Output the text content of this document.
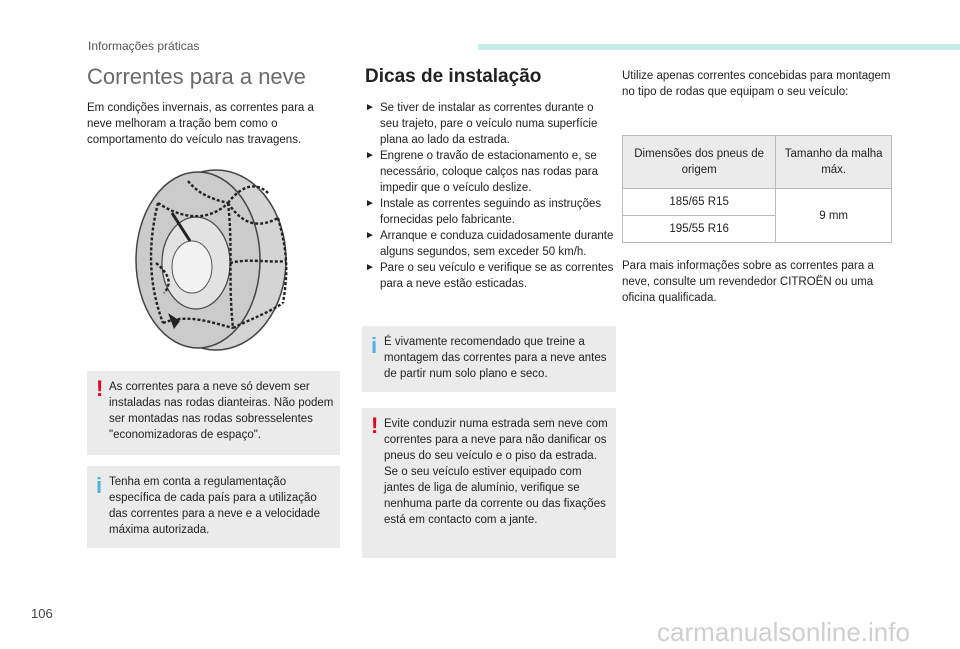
Informações práticas
Correntes para a neve

Em condições invernais, as correntes para a neve melhoram a tração bem como o comportamento do veículo nas travagens.

! As correntes para a neve só devem ser instaladas nas rodas dianteiras. Não podem ser montadas nas rodas sobresselentes "economizadoras de espaço".

i Tenha em conta a regulamentação específica de cada país para a utilização das correntes para a neve e a velocidade máxima autorizada.

Dicas de instalação
► Se tiver de instalar as correntes durante o seu trajeto, pare o veículo numa superfície plana ao lado da estrada.
► Engrene o travão de estacionamento e, se necessário, coloque calços nas rodas para impedir que o veículo deslize.
► Instale as correntes seguindo as instruções fornecidas pelo fabricante.
► Arranque e conduza cuidadosamente durante alguns segundos, sem exceder 50 km/h.
► Pare o seu veículo e verifique se as correntes para a neve estão esticadas.
i É vivamente recomendado que treine a montagem das correntes para a neve antes de partir num solo plano e seco.

! Evite conduzir numa estrada sem neve com correntes para a neve para não danificar os pneus do seu veículo e o piso da estrada. Se o seu veículo estiver equipado com jantes de liga de alumínio, verifique se nenhuma parte da corrente ou das fixações está em contacto com a jante.

Utilize apenas correntes concebidas para montagem no tipo de rodas que equipam o seu veículo:

Dimensões dos pneus de origem	Tamanho da malha máx.
185/65 R15	9 mm
195/55 R16	

Para mais informações sobre as correntes para a neve, consulte um revendedor CITROËN ou uma oficina qualificada.

106
carmanualsonline.info
